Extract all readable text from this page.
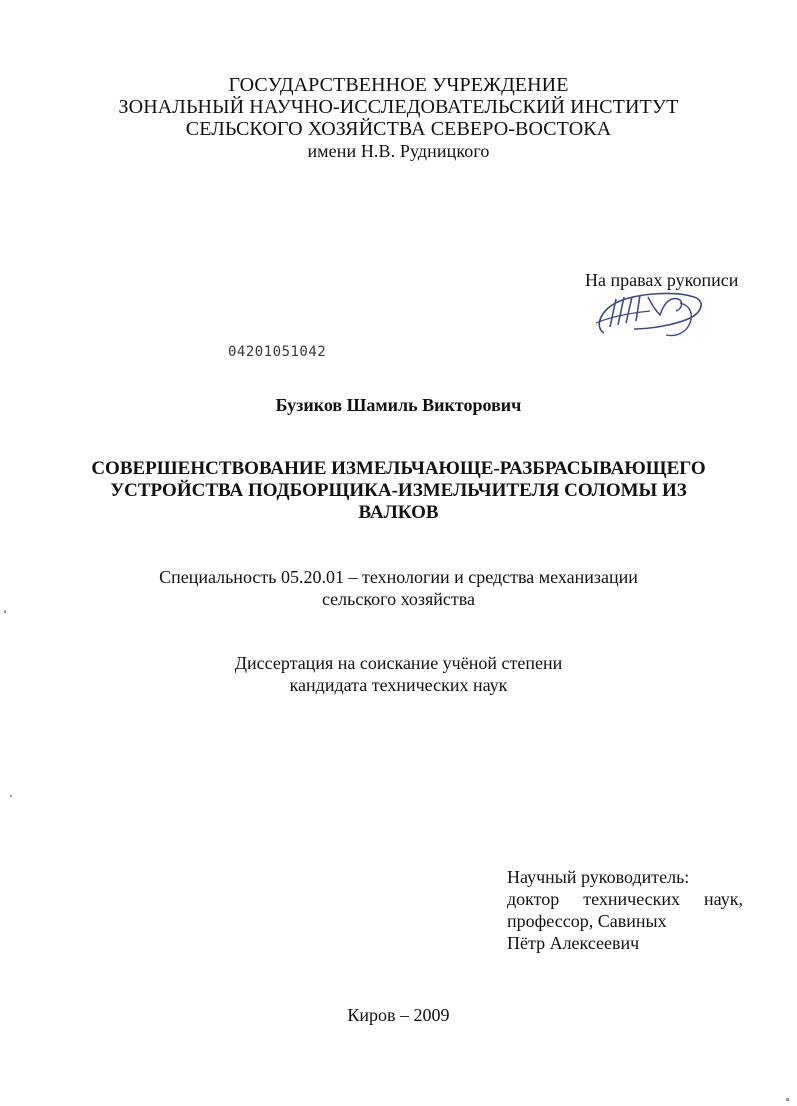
ГОСУДАРСТВЕННОЕ УЧРЕЖДЕНИЕ
ЗОНАЛЬНЫЙ НАУЧНО-ИССЛЕДОВАТЕЛЬСКИЙ ИНСТИТУТ
СЕЛЬСКОГО ХОЗЯЙСТВА СЕВЕРО-ВОСТОКА
имени Н.В. Рудницкого
На правах рукописи
04201051042
Бузиков Шамиль Викторович
СОВЕРШЕНСТВОВАНИЕ ИЗМЕЛЬЧАЮЩЕ-РАЗБРАСЫВАЮЩЕГО
УСТРОЙСТВА ПОДБОРЩИКА-ИЗМЕЛЬЧИТЕЛЯ СОЛОМЫ ИЗ
ВАЛКОВ
Специальность 05.20.01 – технологии и средства механизации
сельского хозяйства
Диссертация на соискание учёной степени
кандидата технических наук
Научный руководитель:
доктор технических наук,
профессор, Савиных
Пётр Алексеевич
Киров – 2009
